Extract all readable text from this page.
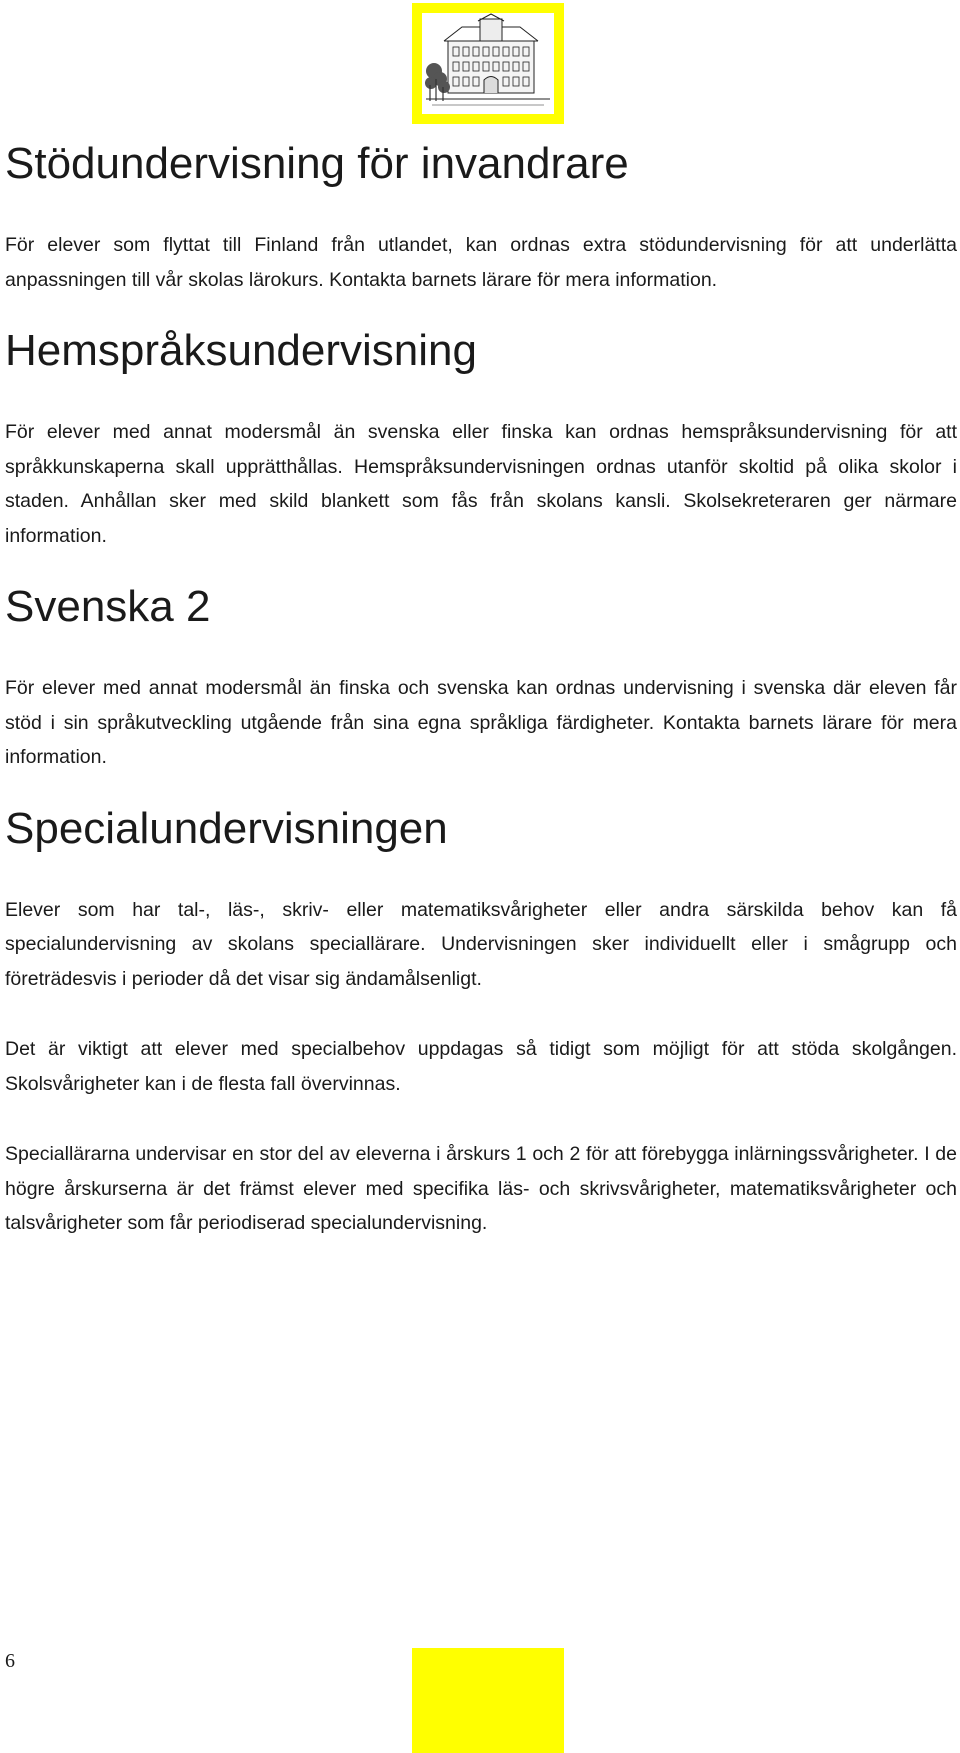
Stödundervisning för invandrare

För elever som flyttat till Finland från utlandet, kan ordnas extra stödundervisning för att underlätta anpassningen till vår skolas lärokurs. Kontakta barnets lärare för mera information.

Hemspråksundervisning

För elever med annat modersmål än svenska eller finska kan ordnas hemspråksundervisning för att språkkunskaperna skall upprätthållas. Hemspråksundervisningen ordnas utanför skoltid på olika skolor i staden. Anhållan sker med skild blankett som fås från skolans kansli. Skolsekreteraren ger närmare information.

Svenska 2

För elever med annat modersmål än finska och svenska kan ordnas undervisning i svenska där eleven får stöd i sin språkutveckling utgående från sina egna språkliga färdigheter. Kontakta barnets lärare för mera information.

Specialundervisningen

Elever som har tal-, läs-, skriv- eller matematiksvårigheter eller andra särskilda behov kan få specialundervisning av skolans speciallärare. Undervisningen sker individuellt eller i smågrupp och företrädesvis i perioder då det visar sig ändamålsenligt.

Det är viktigt att elever med specialbehov uppdagas så tidigt som möjligt för att stöda skolgången. Skolsvårigheter kan i de flesta fall övervinnas.

Speciallärarna undervisar en stor del av eleverna i årskurs 1 och 2 för att förebygga inlärningssvårigheter. I de högre årskurserna är det främst elever med specifika läs- och skrivsvårigheter, matematiksvårigheter och talsvårigheter som får periodiserad specialundervisning.

6
